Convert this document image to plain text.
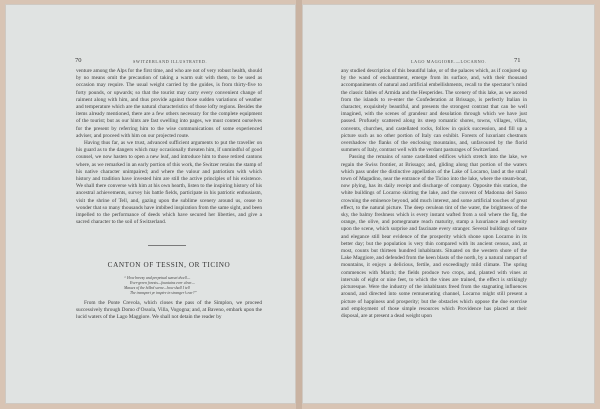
70	SWITZERLAND ILLUSTRATED.

venture among the Alps for the first time, and who are not of very robust health, should by no means omit the precaution of taking a warm suit with them, to be used as occasion may require. The usual weight carried by the guides, is from thirty-five to forty pounds, or upwards; so that the tourist may carry every convenient change of raiment along with him, and thus provide against those sudden variations of weather and temperature which are the natural characteristics of those lofty regions. Besides the items already mentioned, there are a few others necessary for the complete equipment of the tourist; but as our hints are fast swelling into pages, we must content ourselves for the present by referring him to the wise communications of some experienced adviser, and proceed with him on our projected route.

Having thus far, as we trust, advanced sufficient arguments to put the traveller on his guard as to the dangers which may occasionally threaten him, if unmindful of good counsel, we now hasten to open a new leaf, and introduce him to those retired cantons where, as we remarked in an early portion of this work, the Switzer retains the stamp of his native character unimpaired; and where the valour and patriotism with which history and tradition have invested him are still the active principles of his existence. We shall there converse with him at his own hearth, listen to the inspiring history of his ancestral achievements, survey his battle fields, participate in his patriotic enthusiasm, visit the shrine of Tell, and, gazing upon the sublime scenery around us, cease to wonder that so many thousands have imbibed inspiration from the same sight, and been impelled to the performance of deeds which have secured her liberties, and give a sacred character to the soil of Switzerland.

CANTON OF TESSIN, OR TICINO
“ How breezy and perpetual sunset dwell—
Ever-green forests—fountains ever clear—
Masses of the hilled scene—how shall I tell
The transport ye inspire in stranger’s ear?”

From the Ponte Crevola, which closes the pass of the Simplon, we proceed successively through Domo d’Ossola, Villa, Vogogna; and, at Baveno, embark upon the lucid waters of the Lago Maggiore. We shall not detain the reader by

LAGO MAGGIORE.—LOCARNO.	71

any studied description of this beautiful lake, or of the palaces which, as if conjured up by the wand of enchantment, emerge from its surface, and, with their thousand accompaniments of natural and artificial embellishments, recall to the spectator’s mind the classic fables of Armida and the Hesperides. The scenery of this lake, as we ascend from the islands to re-enter the Confederation at Brissago, is perfectly Italian in character, exquisitely beautiful, and presents the strongest contrast that can be well imagined, with the scenes of grandeur and desolation through which we have just passed. Profusely scattered along its steep romantic shores, towns, villages, villas, convents, churches, and castellated rocks, follow in quick succession, and fill up a picture such as no other portion of Italy can exhibit. Forests of luxuriant chestnuts overshadow the flanks of the enclosing mountains, and, unfavoured by the florid summers of Italy, contrast well with the verdant pasturages of Switzerland.

Passing the remains of some castellated edifices which stretch into the lake, we regain the Swiss frontier, at Brissago; and, gliding along that portion of the waters which pass under the distinctive appellation of the Lake of Locarno, land at the small town of Magadino, near the entrance of the Ticino into the lake, where the steam-boat, now plying, has its daily receipt and discharge of company. Opposite this station, the white buildings of Locarno skirting the lake, and the convent of Madonna del Sasso crowning the eminence beyond, add much interest, and some artificial touches of great effect, to the natural picture. The deep cerulean tint of the water, the brightness of the sky, the balmy freshness which is every instant wafted from a soil where the fig, the orange, the olive, and pomegranate reach maturity, stamp a luxuriance and serenity upon the scene, which surprise and fascinate every stranger. Several buildings of taste and elegance still bear evidence of the prosperity which shone upon Locarno in its better day; but the population is very thin compared with its ancient census, and, at most, counts but thirteen hundred inhabitants. Situated on the western shore of the Lake Maggiore, and defended from the keen blasts of the north, by a natural rampart of mountains, it enjoys a delicious, fertile, and exceedingly mild climate. The spring commences with March; the fields produce two crops, and, planted with vines at intervals of eight or nine feet, to which the vines are trained, the effect is strikingly picturesque. Were the industry of the inhabitants freed from the stagnating influences around, and directed into some remunerating channel, Locarno might still present a picture of happiness and prosperity; but the obstacles which oppose the due exercise and employment of those simple resources which Providence has placed at their disposal, are at present a dead weight upon
